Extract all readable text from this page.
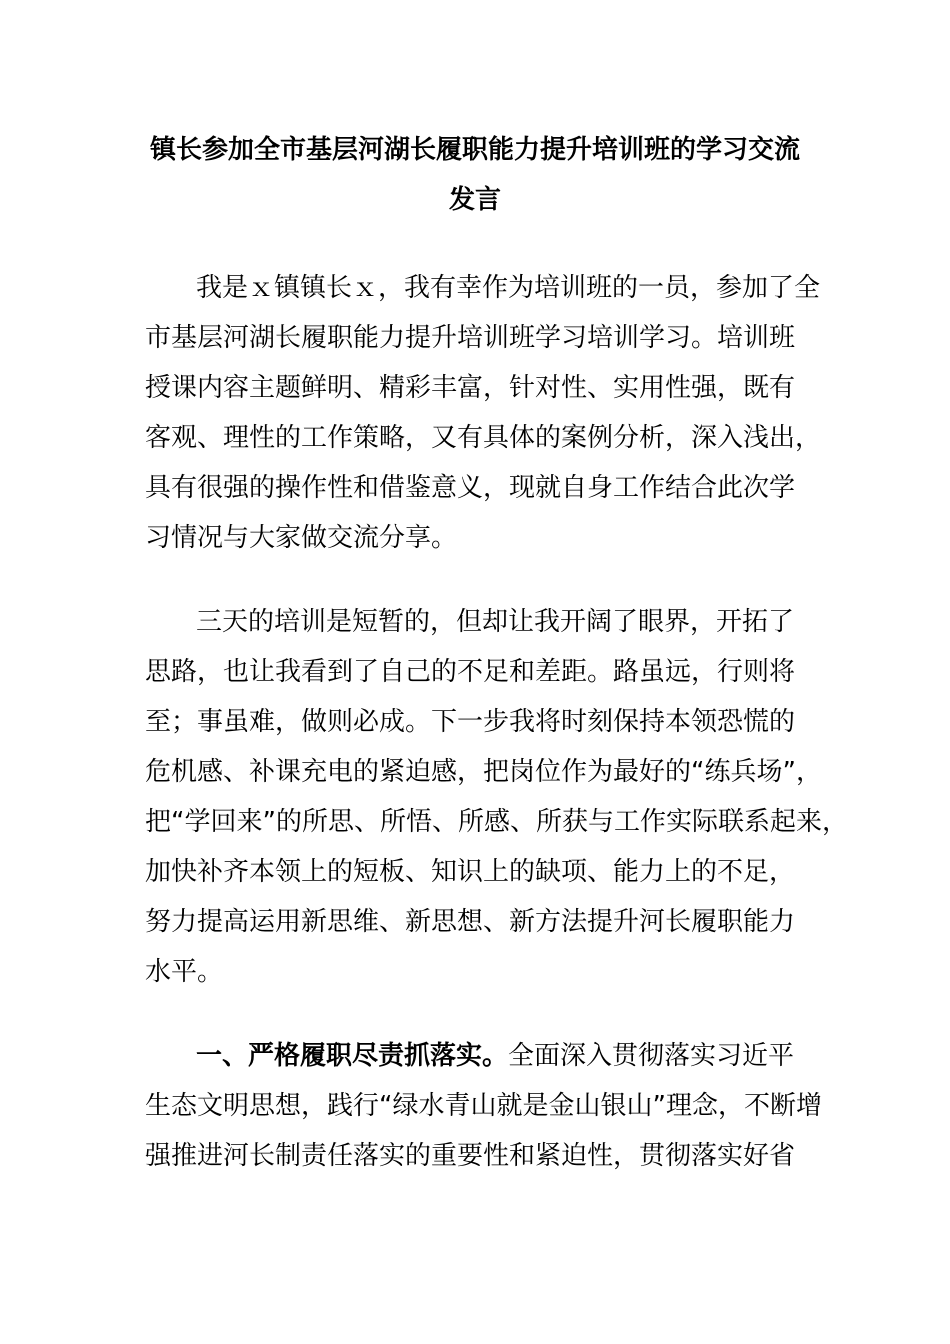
镇长参加全市基层河湖长履职能力提升培训班的学习交流
发言
我是ｘ镇镇长ｘ，我有幸作为培训班的一员，参加了全
市基层河湖长履职能力提升培训班学习培训学习。培训班
授课内容主题鲜明、精彩丰富，针对性、实用性强，既有
客观、理性的工作策略，又有具体的案例分析，深入浅出，
具有很强的操作性和借鉴意义，现就自身工作结合此次学
习情况与大家做交流分享。
三天的培训是短暂的，但却让我开阔了眼界，开拓了
思路，也让我看到了自己的不足和差距。路虽远，行则将
至；事虽难，做则必成。下一步我将时刻保持本领恐慌的
危机感、补课充电的紧迫感，把岗位作为最好的“练兵场”，
把“学回来”的所思、所悟、所感、所获与工作实际联系起来，
加快补齐本领上的短板、知识上的缺项、能力上的不足，
努力提高运用新思维、新思想、新方法提升河长履职能力
水平。
一、严格履职尽责抓落实。全面深入贯彻落实习近平
生态文明思想，践行“绿水青山就是金山银山”理念，不断增
强推进河长制责任落实的重要性和紧迫性，贯彻落实好省
